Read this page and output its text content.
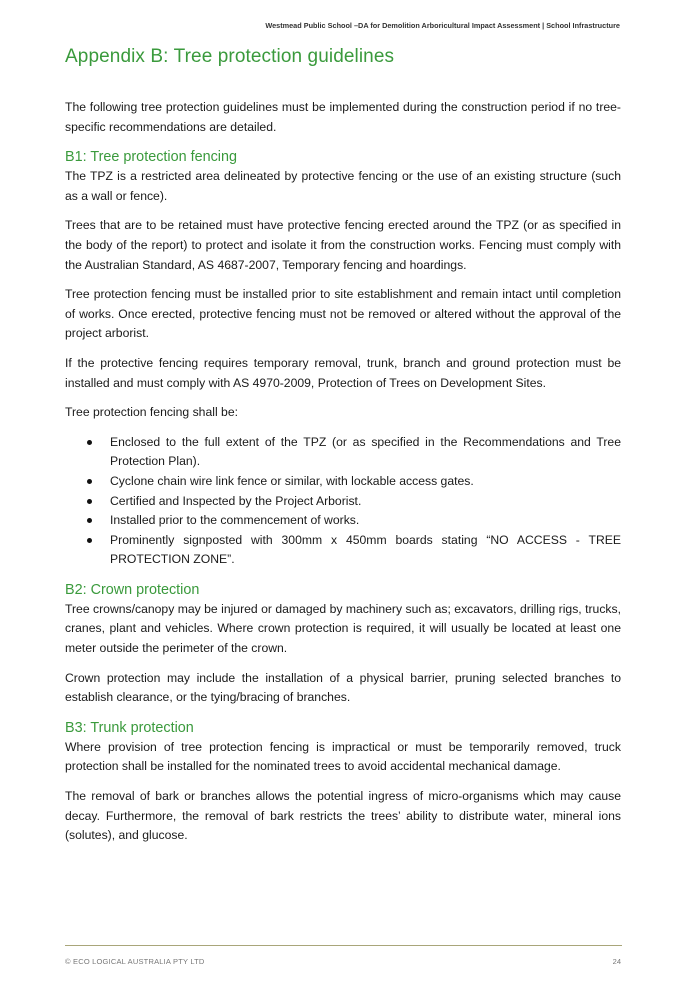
Westmead Public School –DA for Demolition Arboricultural Impact Assessment | School Infrastructure
Appendix B: Tree protection guidelines

The following tree protection guidelines must be implemented during the construction period if no tree-specific recommendations are detailed.

B1: Tree protection fencing

The TPZ is a restricted area delineated by protective fencing or the use of an existing structure (such as a wall or fence).

Trees that are to be retained must have protective fencing erected around the TPZ (or as specified in the body of the report) to protect and isolate it from the construction works. Fencing must comply with the Australian Standard, AS 4687-2007, Temporary fencing and hoardings.

Tree protection fencing must be installed prior to site establishment and remain intact until completion of works. Once erected, protective fencing must not be removed or altered without the approval of the project arborist.

If the protective fencing requires temporary removal, trunk, branch and ground protection must be installed and must comply with AS 4970-2009, Protection of Trees on Development Sites.

Tree protection fencing shall be:

Enclosed to the full extent of the TPZ (or as specified in the Recommendations and Tree Protection Plan).
Cyclone chain wire link fence or similar, with lockable access gates.
Certified and Inspected by the Project Arborist.
Installed prior to the commencement of works.
Prominently signposted with 300mm x 450mm boards stating “NO ACCESS - TREE PROTECTION ZONE”.
B2: Crown protection

Tree crowns/canopy may be injured or damaged by machinery such as; excavators, drilling rigs, trucks, cranes, plant and vehicles. Where crown protection is required, it will usually be located at least one meter outside the perimeter of the crown.

Crown protection may include the installation of a physical barrier, pruning selected branches to establish clearance, or the tying/bracing of branches.

B3: Trunk protection

Where provision of tree protection fencing is impractical or must be temporarily removed, truck protection shall be installed for the nominated trees to avoid accidental mechanical damage.

The removal of bark or branches allows the potential ingress of micro-organisms which may cause decay. Furthermore, the removal of bark restricts the trees’ ability to distribute water, mineral ions (solutes), and glucose.

© ECO LOGICAL AUSTRALIA PTY LTD	24
